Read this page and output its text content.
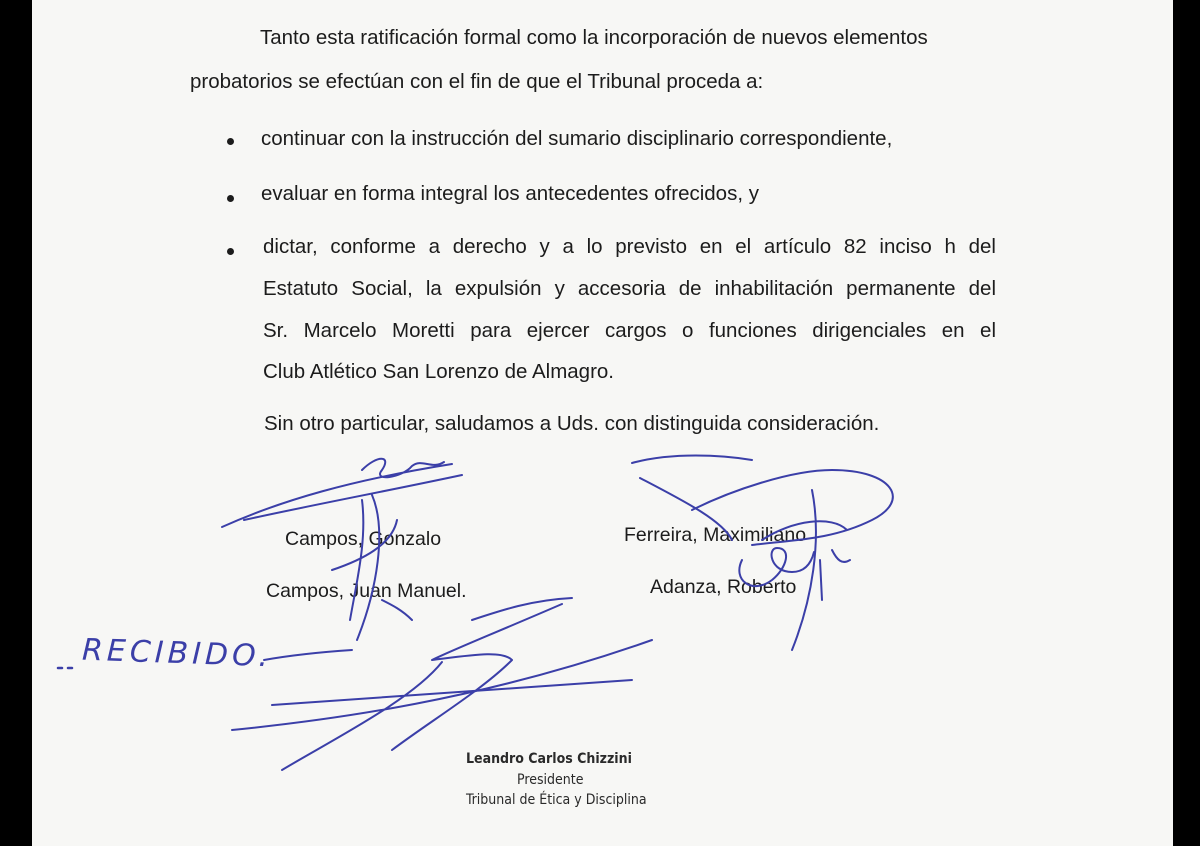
Tanto esta ratificación formal como la incorporación de nuevos elementos

probatorios se efectúan con el fin de que el Tribunal proceda a:

continuar con la instrucción del sumario disciplinario correspondiente,

evaluar en forma integral los antecedentes ofrecidos, y

dictar, conforme a derecho y a lo previsto en el artículo 82 inciso h del

Estatuto Social, la expulsión y accesoria de inhabilitación permanente del

Sr. Marcelo Moretti para ejercer cargos o funciones dirigenciales en el

Club Atlético San Lorenzo de Almagro.

Sin otro particular, saludamos a Uds. con distinguida consideración.

Campos, Gonzalo
Campos, Juan Manuel.
Ferreira, Maximiliano
Adanza, Roberto
RECIBIDO.
Leandro Carlos Chizzini
Presidente
Tribunal de Ética y Disciplina
